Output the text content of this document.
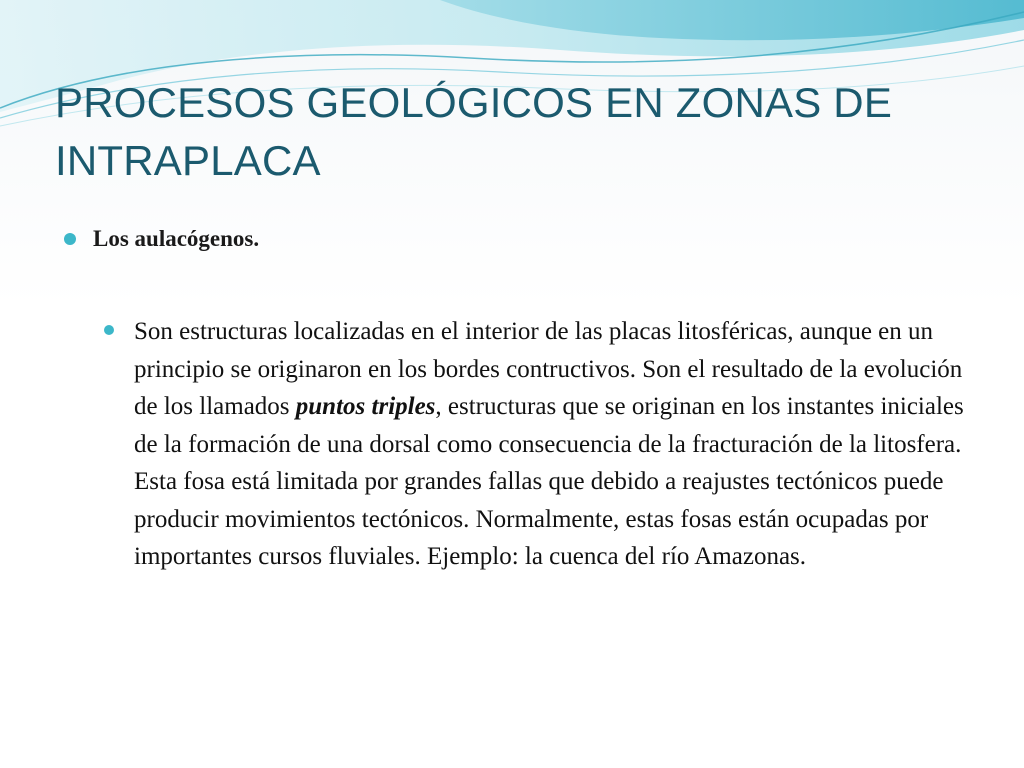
PROCESOS GEOLÓGICOS EN ZONAS DE INTRAPLACA
Los aulacógenos.

Son estructuras localizadas en el interior de las placas litosféricas, aunque en un principio se originaron en los bordes contructivos. Son el resultado de la evolución de los llamados puntos triples, estructuras que se originan en los instantes iniciales de la formación de una dorsal como consecuencia de la fracturación de la litosfera. Esta fosa está limitada por grandes fallas que debido a reajustes tectónicos puede producir movimientos tectónicos. Normalmente, estas fosas están ocupadas por importantes cursos fluviales. Ejemplo: la cuenca del río Amazonas.
